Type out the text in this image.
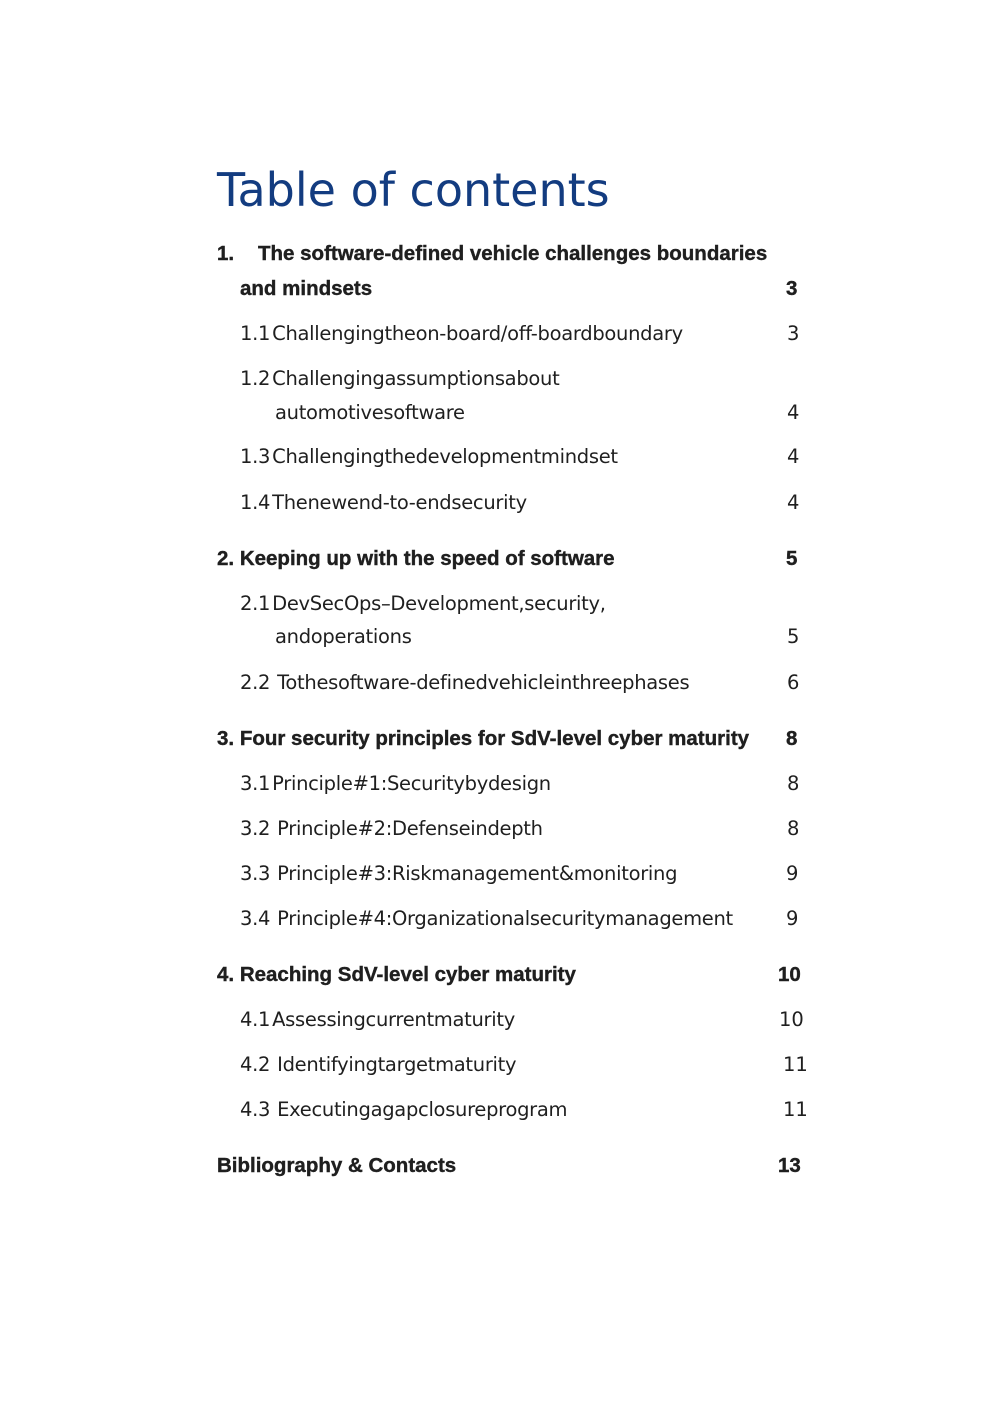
Table of contents
1. The software-defined vehicle challenges boundaries
and mindsets	3
1.1 Challengingtheon-board/off-boardboundary	3
1.2 Challengingassumptionsabout
automotivesoftware	4
1.3 Challengingthedevelopmentmindset	4
1.4 Thenewend-to-endsecurity	4
2. Keeping up with the speed of software	5
2.1 DevSecOps–Development,security,
andoperations	5
2.2 Tothesoftware-definedvehicleinthreephases	6
3. Four security principles for SdV-level cyber maturity 8
3.1 Principle#1:Securitybydesign	8
3.2 Principle#2:Defenseindepth	8
3.3 Principle#3:Riskmanagement&monitoring	9
3.4 Principle#4:Organizationalsecuritymanagement	9
4. Reaching SdV-level cyber maturity	10
4.1 Assessingcurrentmaturity	10
4.2 Identifyingtargetmaturity	11
4.3 Executingagapclosureprogram	11
Bibliography & Contacts	13
